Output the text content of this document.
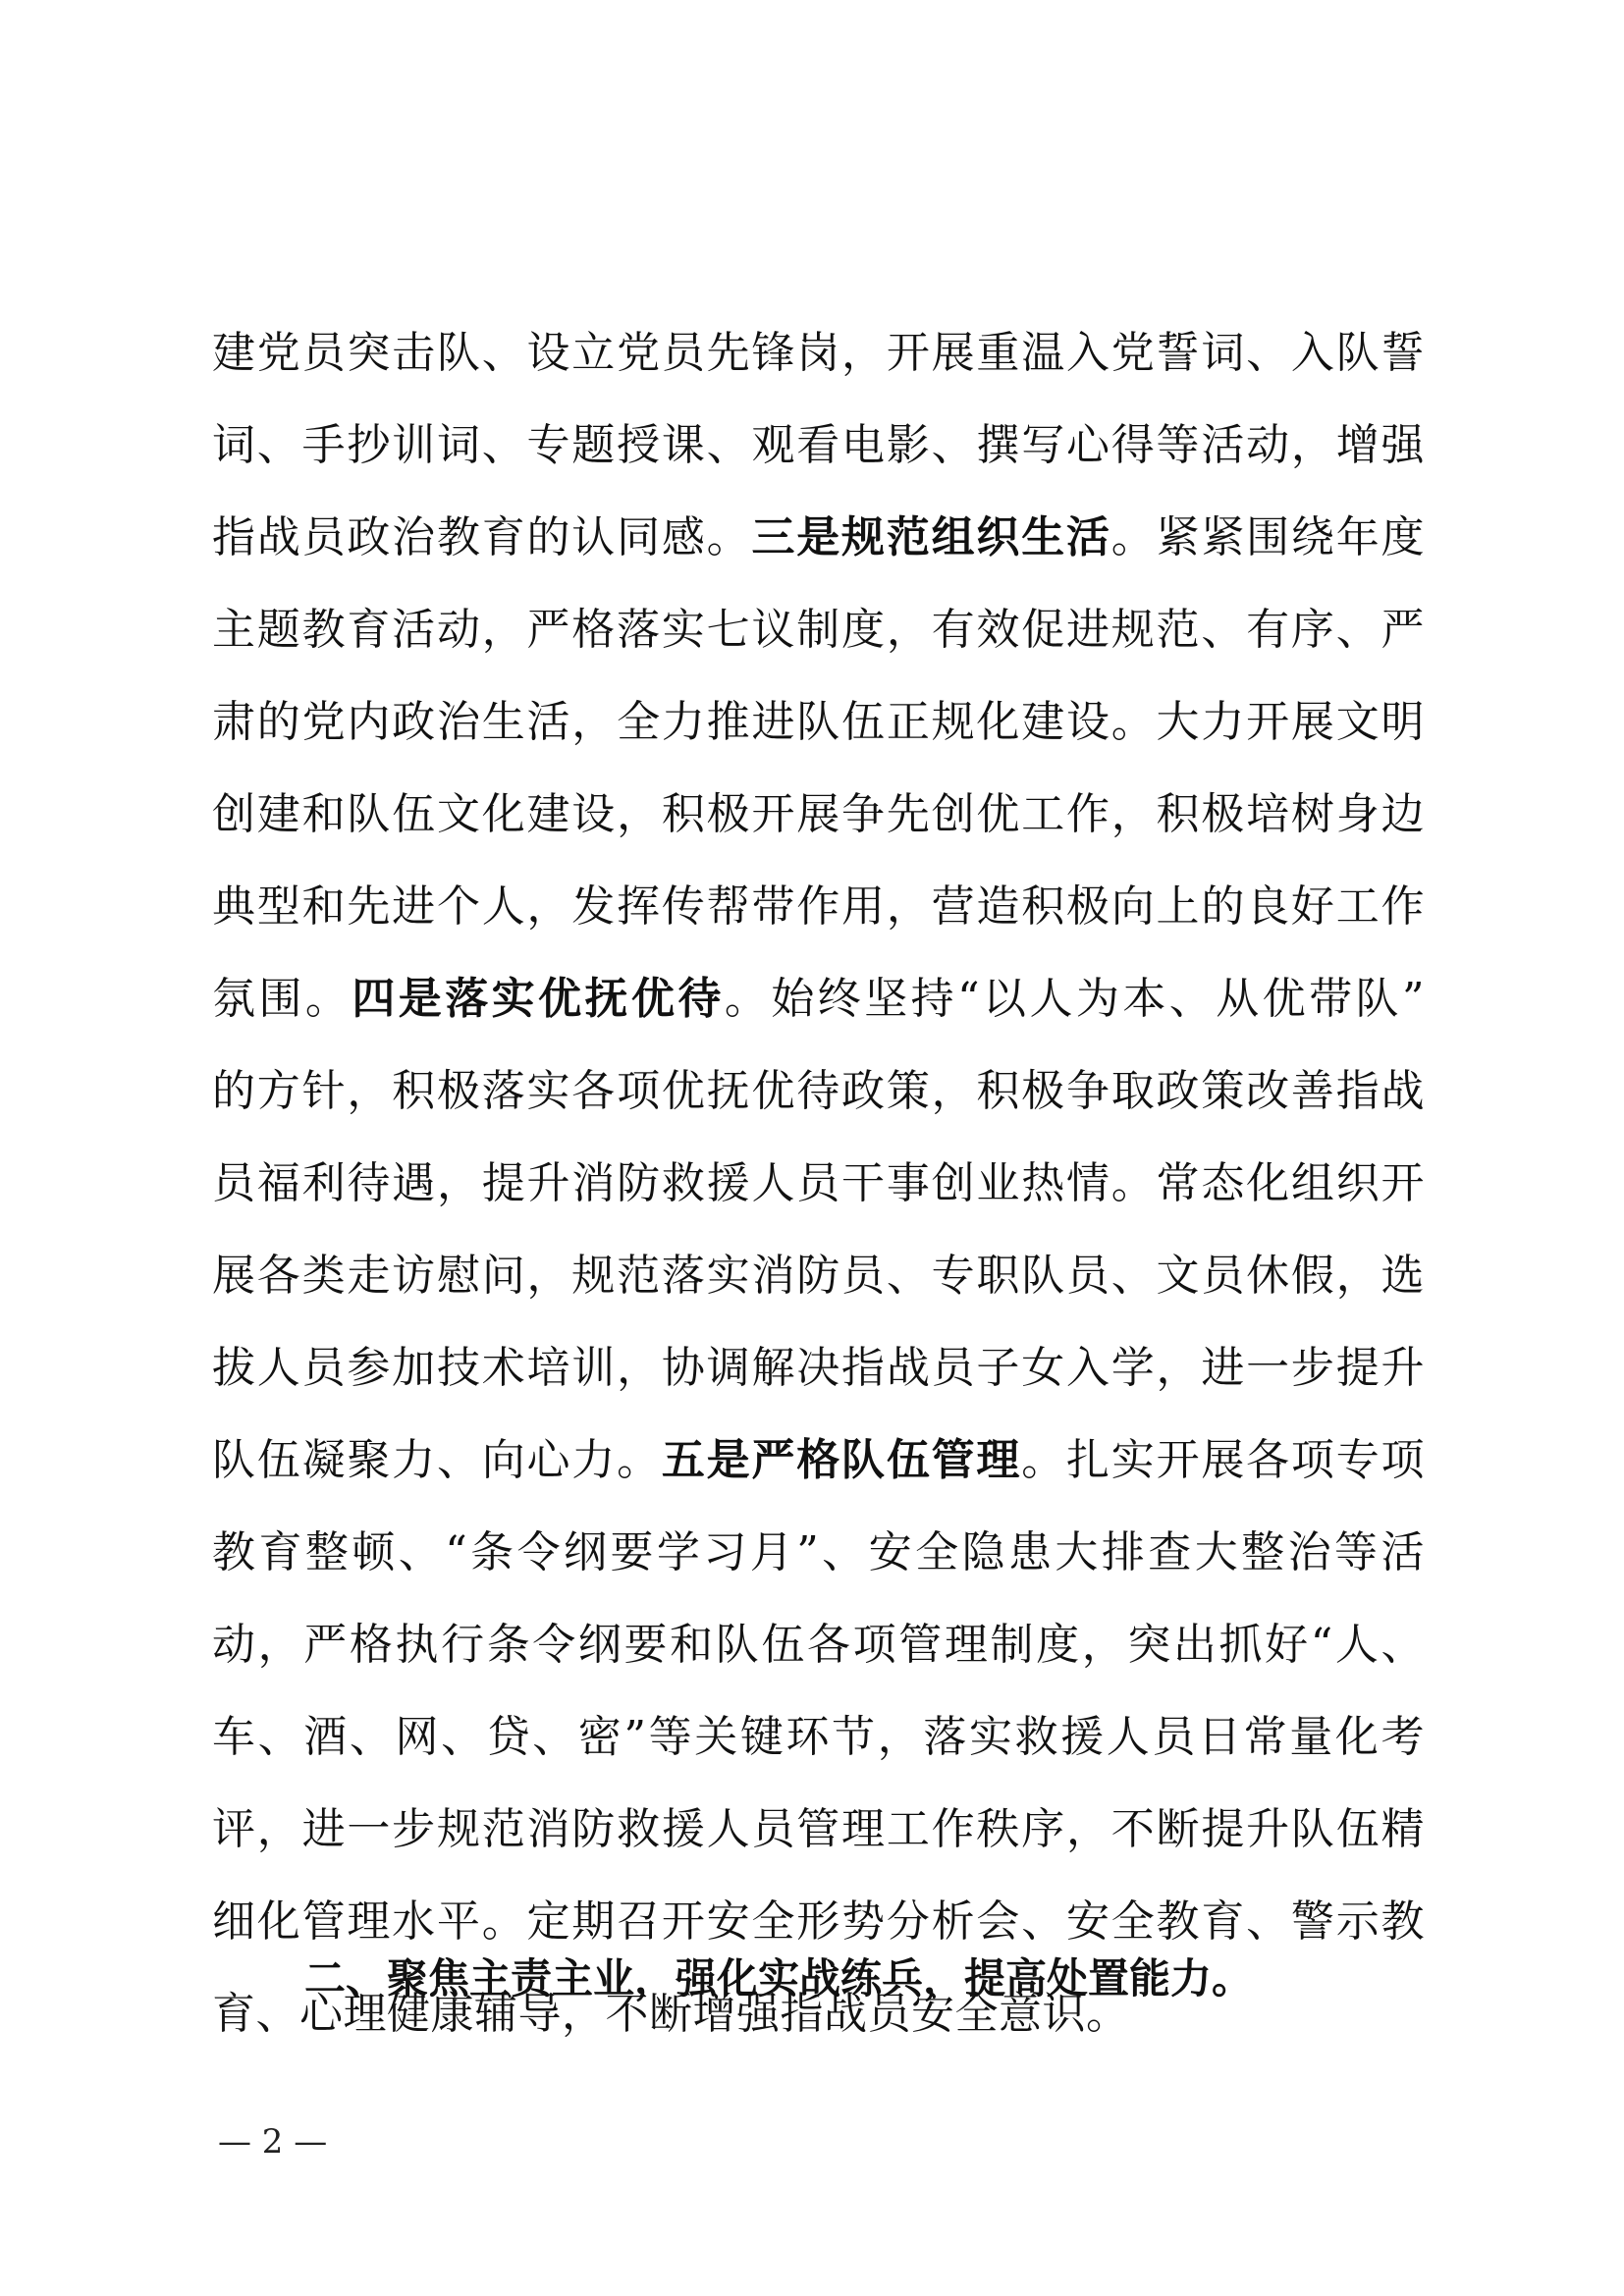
建党员突击队、设立党员先锋岗，开展重温入党誓词、入队誓
词、手抄训词、专题授课、观看电影、撰写心得等活动，增强
指战员政治教育的认同感。三是规范组织生活。紧紧围绕年度
主题教育活动，严格落实七议制度，有效促进规范、有序、严
肃的党内政治生活，全力推进队伍正规化建设。大力开展文明
创建和队伍文化建设，积极开展争先创优工作，积极培树身边
典型和先进个人，发挥传帮带作用，营造积极向上的良好工作
氛围。四是落实优抚优待。始终坚持“以人为本、从优带队”
的方针，积极落实各项优抚优待政策，积极争取政策改善指战
员福利待遇，提升消防救援人员干事创业热情。常态化组织开
展各类走访慰问，规范落实消防员、专职队员、文员休假，选
拔人员参加技术培训，协调解决指战员子女入学，进一步提升
队伍凝聚力、向心力。五是严格队伍管理。扎实开展各项专项
教育整顿、“条令纲要学习月”、安全隐患大排查大整治等活
动，严格执行条令纲要和队伍各项管理制度，突出抓好“人、
车、酒、网、贷、密”等关键环节，落实救援人员日常量化考
评，进一步规范消防救援人员管理工作秩序，不断提升队伍精
细化管理水平。定期召开安全形势分析会、安全教育、警示教
育、心理健康辅导，不断增强指战员安全意识。
二、聚焦主责主业，强化实战练兵，提高处置能力。
— 2 —
